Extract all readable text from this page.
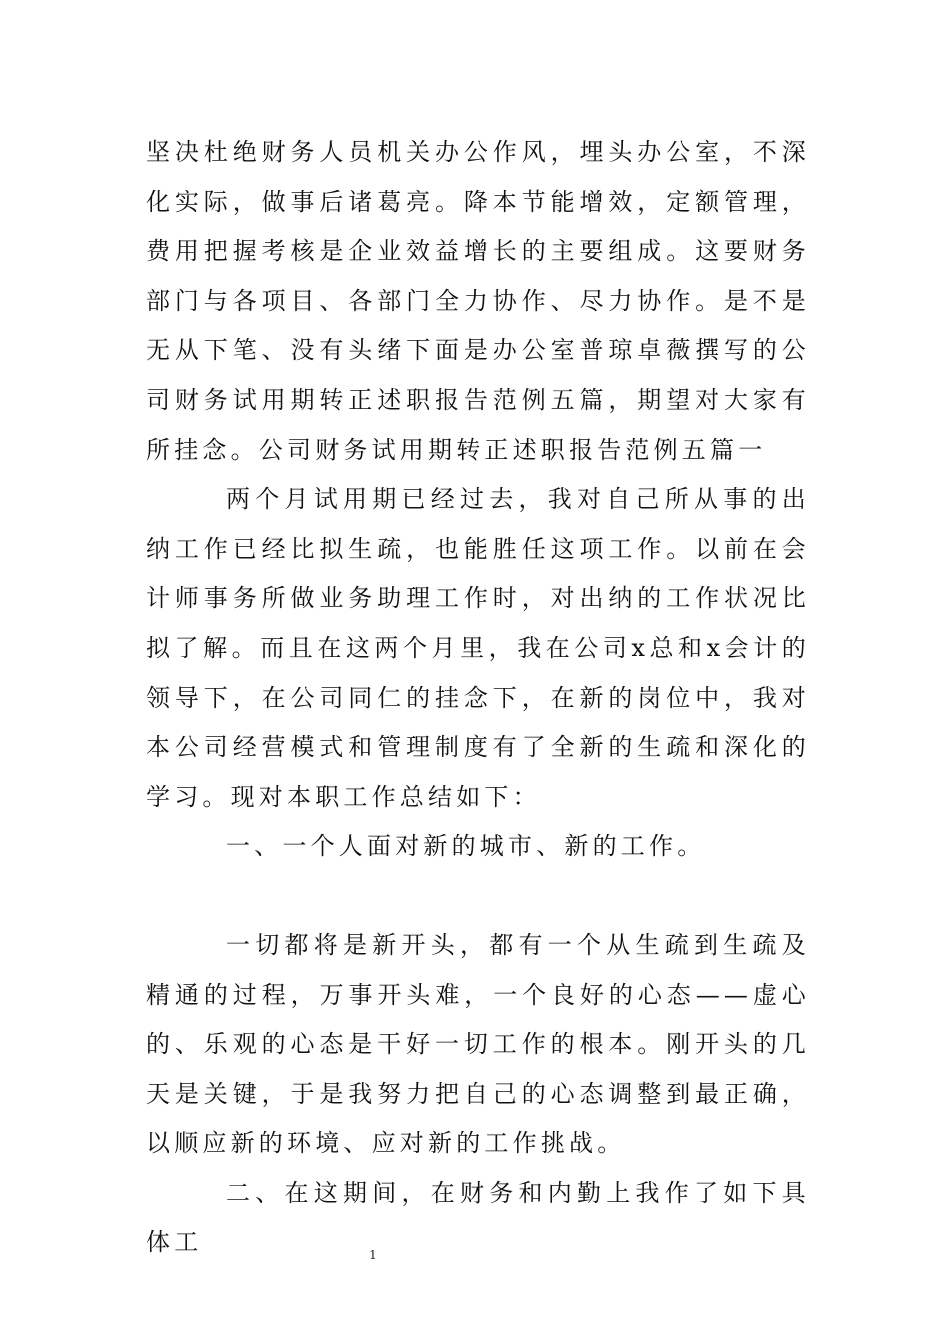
坚决杜绝财务人员机关办公作风，埋头办公室，不深化实际，做事后诸葛亮。降本节能增效，定额管理，费用把握考核是企业效益增长的主要组成。这要财务部门与各项目、各部门全力协作、尽力协作。是不是无从下笔、没有头绪下面是办公室普琼卓薇撰写的公司财务试用期转正述职报告范例五篇，期望对大家有所挂念。公司财务试用期转正述职报告范例五篇一

两个月试用期已经过去，我对自己所从事的出纳工作已经比拟生疏，也能胜任这项工作。以前在会计师事务所做业务助理工作时，对出纳的工作状况比拟了解。而且在这两个月里，我在公司x总和x会计的领导下，在公司同仁的挂念下，在新的岗位中，我对本公司经营模式和管理制度有了全新的生疏和深化的学习。现对本职工作总结如下：

一、一个人面对新的城市、新的工作。

一切都将是新开头，都有一个从生疏到生疏及精通的过程，万事开头难，一个良好的心态——虚心的、乐观的心态是干好一切工作的根本。刚开头的几天是关键，于是我努力把自己的心态调整到最正确，以顺应新的环境、应对新的工作挑战。

二、在这期间，在财务和内勤上我作了如下具体工	1
